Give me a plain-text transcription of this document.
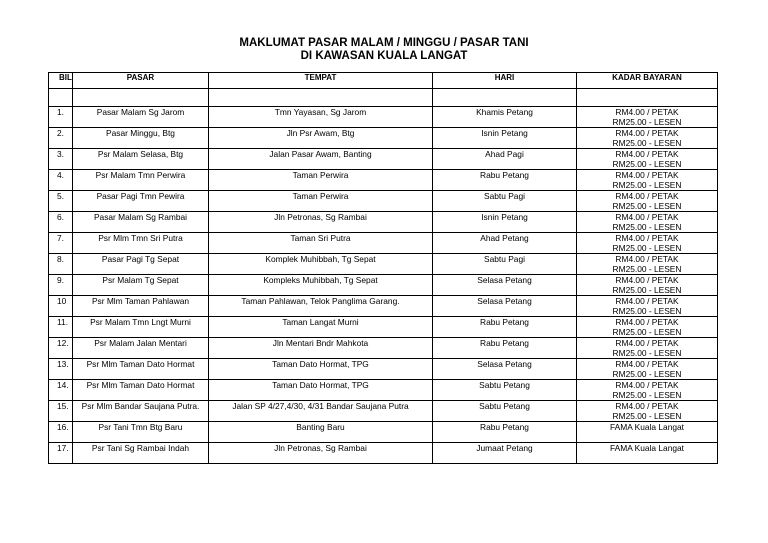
MAKLUMAT PASAR MALAM / MINGGU / PASAR TANI
DI KAWASAN KUALA LANGAT
BIL	PASAR	TEMPAT	HARI	KADAR BAYARAN

1.	Pasar Malam Sg Jarom	Tmn Yayasan, Sg Jarom	Khamis Petang	RM4.00 / PETAK
RM25.00 - LESEN

2.	Pasar Minggu, Btg	Jln Psr Awam, Btg	Isnin Petang	RM4.00 / PETAK
RM25.00 - LESEN

3.	Psr Malam Selasa, Btg	Jalan Pasar Awam, Banting	Ahad Pagi	RM4.00 / PETAK
RM25.00 - LESEN

4.	Psr Malam Tmn Perwira	Taman Perwira	Rabu Petang	RM4.00 / PETAK
RM25.00 - LESEN

5.	Pasar Pagi Tmn Pewira	Taman Perwira	Sabtu Pagi	RM4.00 / PETAK
RM25.00 - LESEN

6.	Pasar Malam Sg Rambai	Jln Petronas, Sg Rambai	Isnin Petang	RM4.00 / PETAK
RM25.00 - LESEN

7.	Psr Mlm Tmn Sri Putra	Taman Sri Putra	Ahad Petang	RM4.00 / PETAK
RM25.00 - LESEN

8.	Pasar Pagi Tg Sepat	Komplek Muhibbah, Tg Sepat	Sabtu Pagi	RM4.00 / PETAK
RM25.00 - LESEN

9.	Psr Malam Tg Sepat	Kompleks Muhibbah, Tg Sepat	Selasa Petang	RM4.00 / PETAK
RM25.00 - LESEN

10	Psr Mlm Taman Pahlawan	Taman Pahlawan, Telok Panglima Garang.	Selasa Petang	RM4.00 / PETAK
RM25.00 - LESEN

11.	Psr Malam Tmn Lngt Murni	Taman Langat Murni	Rabu Petang	RM4.00 / PETAK
RM25.00 - LESEN

12.	Psr Malam Jalan Mentari	Jln Mentari Bndr Mahkota	Rabu Petang	RM4.00 / PETAK
RM25.00 - LESEN

13.	Psr Mlm Taman Dato Hormat	Taman Dato Hormat, TPG	Selasa Petang	RM4.00 / PETAK
RM25.00 - LESEN

14.	Psr Mlm Taman Dato Hormat	Taman Dato Hormat, TPG	Sabtu Petang	RM4.00 / PETAK
RM25.00 - LESEN

15.	Psr Mlm Bandar Saujana Putra.	Jalan SP 4/27,4/30, 4/31 Bandar Saujana Putra	Sabtu Petang	RM4.00 / PETAK
RM25.00 - LESEN

16.	Psr Tani Tmn Btg Baru	Banting Baru	Rabu Petang	FAMA Kuala Langat

17.	Psr Tani Sg Rambai Indah	Jln Petronas, Sg Rambai	Jumaat Petang	FAMA Kuala Langat
